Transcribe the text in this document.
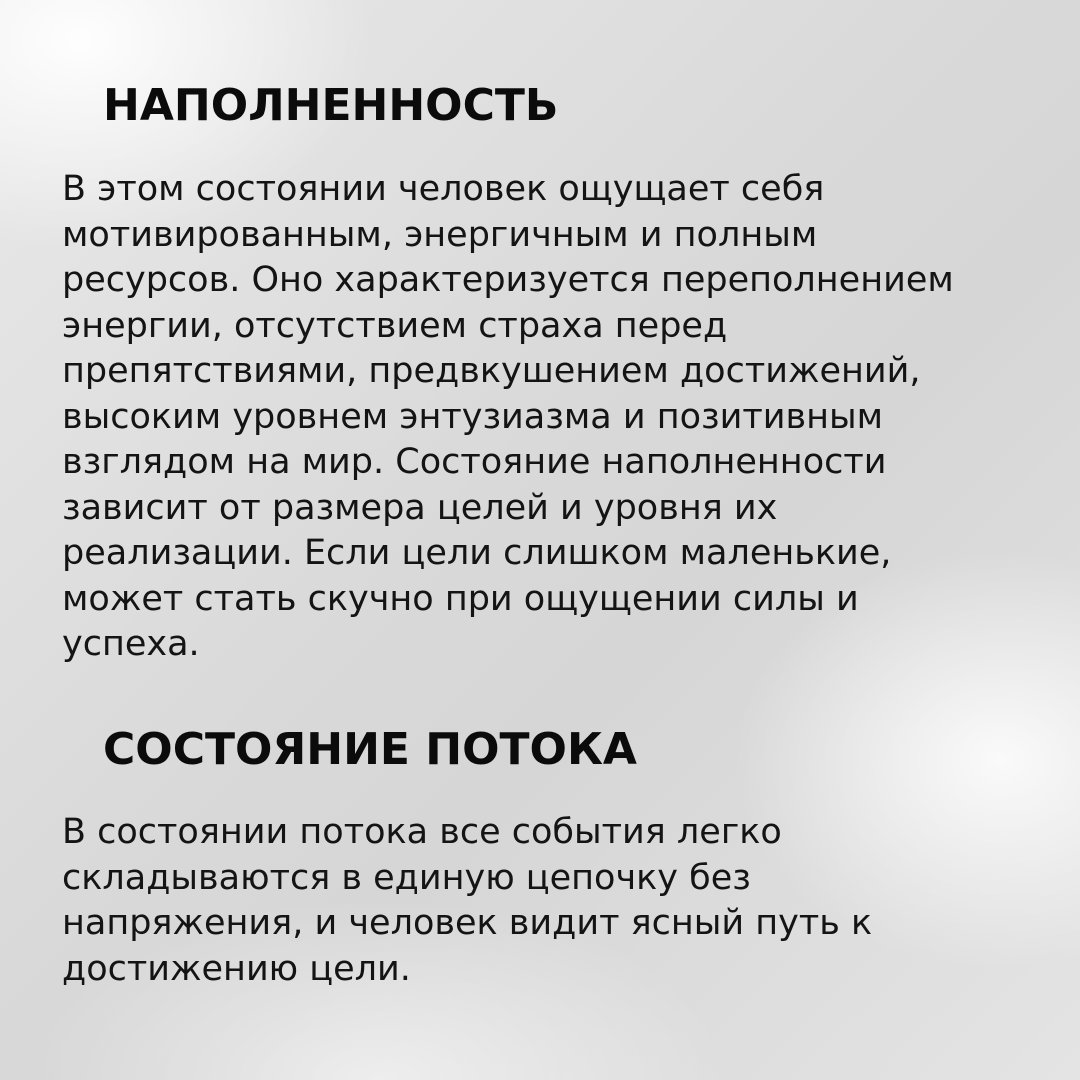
НАПОЛНЕННОСТЬ

В этом состоянии человек ощущает себя
мотивированным, энергичным и полным
ресурсов. Оно характеризуется переполнением
энергии, отсутствием страха перед
препятствиями, предвкушением достижений,
высоким уровнем энтузиазма и позитивным
взглядом на мир. Состояние наполненности
зависит от размера целей и уровня их
реализации. Если цели слишком маленькие,
может стать скучно при ощущении силы и
успеха.

СОСТОЯНИЕ ПОТОКА

В состоянии потока все события легко
складываются в единую цепочку без
напряжения, и человек видит ясный путь к
достижению цели.
